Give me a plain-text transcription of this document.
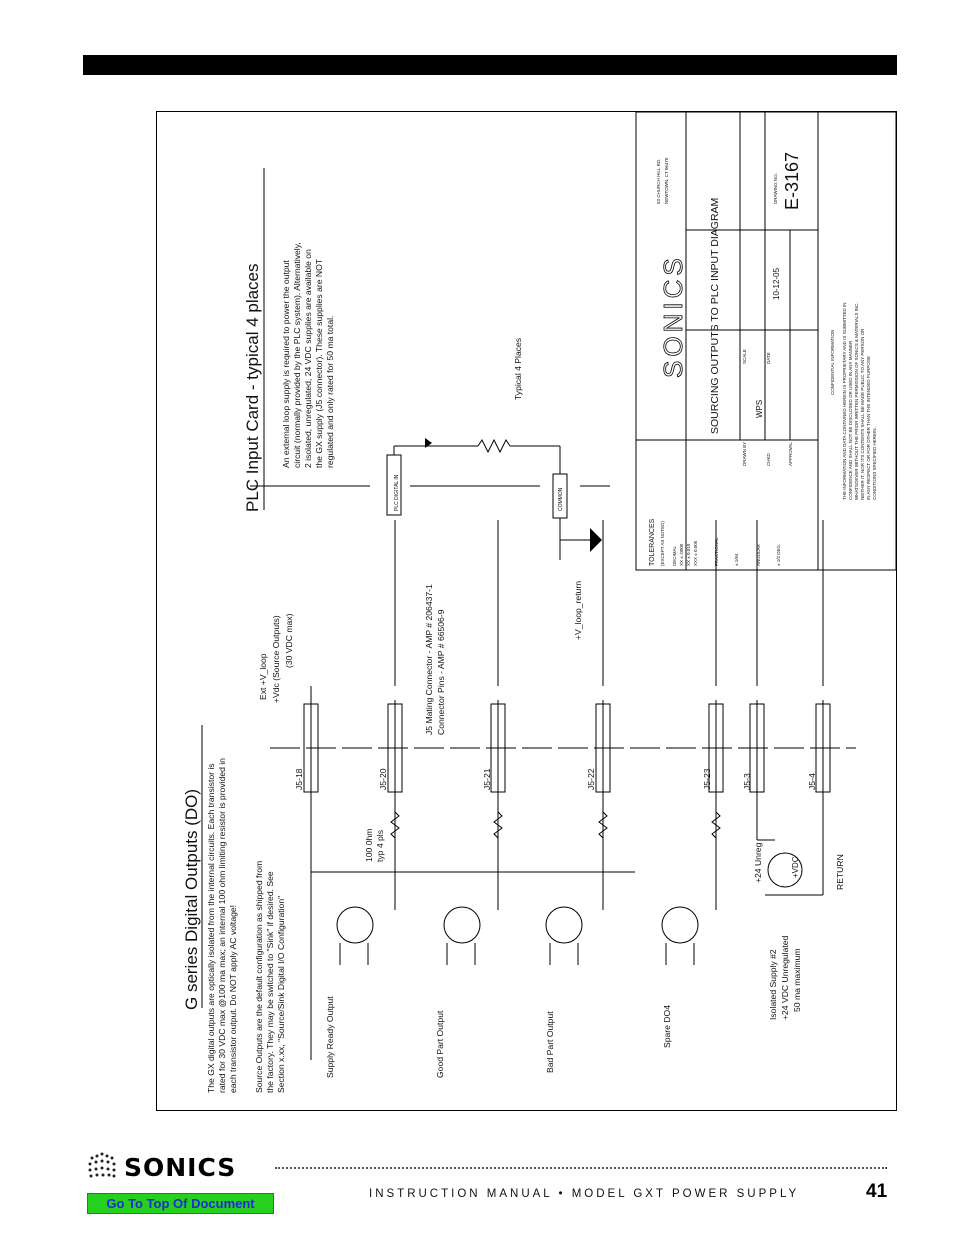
G series Digital Outputs (DO) The GX digital outputs are optically isolated from the internal circuits. Each transistor is rated for 30 VDC max @100 ma max; an internal 100 ohm limiting resistor is provided in each transistor output. Do NOT apply AC voltage! Source Outputs are the default configuration as shipped from the factory. They may be switched to "Sink" if desired. See Section x.xx, "Source/Sink Digital I/O Configuration"	Supply Ready Output	Good Part Output	Bad Part Output	Spare DO4
100 0hm typ 4 pls
J5-18	J5-20	J5-21	J5-22	J5-23	J5-3	J5-4
Ext +V_loop +Vdc (Source Outputs) (30 VDC max)	J5 Mating Connector - AMP # 206437-1 Connector Pins - AMP # 66506-9
+24 Unreg	+VDC	RETURN
Isolated Supply #2 +24 VDC Unregulated 50 ma maximum
PLC Input Card - typical 4 places An external loop supply is required to power the output circuit (normally provided by the PLC system). Alternatively, 2 isolated, unregulated, 24 VDC supplies are available on the GX supply (J5 connector). These supplies are NOT regulated and only rated for 50 ma total.	Typical 4 Places
+V_loop_return
PLC DIGITAL IN	COMMON
TOLERANCES (EXCEPT AS NOTED) DECIMAL XX ± .0000 XX ± 0.010 XXX ± 0.005	FRACTIONAL	± 1/64	ANGULAR	± 1/2 DEG.
SOURCING OUTPUTS TO PLC INPUT DIAGRAM
DRAWN BY
WPS
CHKD	APPROVAL
SCALE	DATE
10-12-05
DRAWING NO. E-3167
53 CHURCH HILL RD. NEWTOWN, CT 06470
SONICS	CONFIDENTIAL INFORMATION THE INFORMATION AND DATA CONTAINED HEREIN IS PROPRIETARY AND IS SUBMITTED IN CONFIDENCE AND SHALL NOT BE DISCLOSED OR USED IN ANY MANNER WHATSOEVER WITHOUT THE PRIOR WRITTEN PERMISSION OF SONICS & MATERIALS INC. NEITHER IT, NOR ITS CONTENTS SHALL BE MADE PUBLIC TO ANY PERSON OR IN ANY RESPECT OR FOR OTHER THAN THE INTENDED PURPOSE CONDITIONS SPECIFIED HEREIN.
SONICS
Go To Top Of Document
INSTRUCTION MANUAL • MODEL GXT POWER SUPPLY	41
